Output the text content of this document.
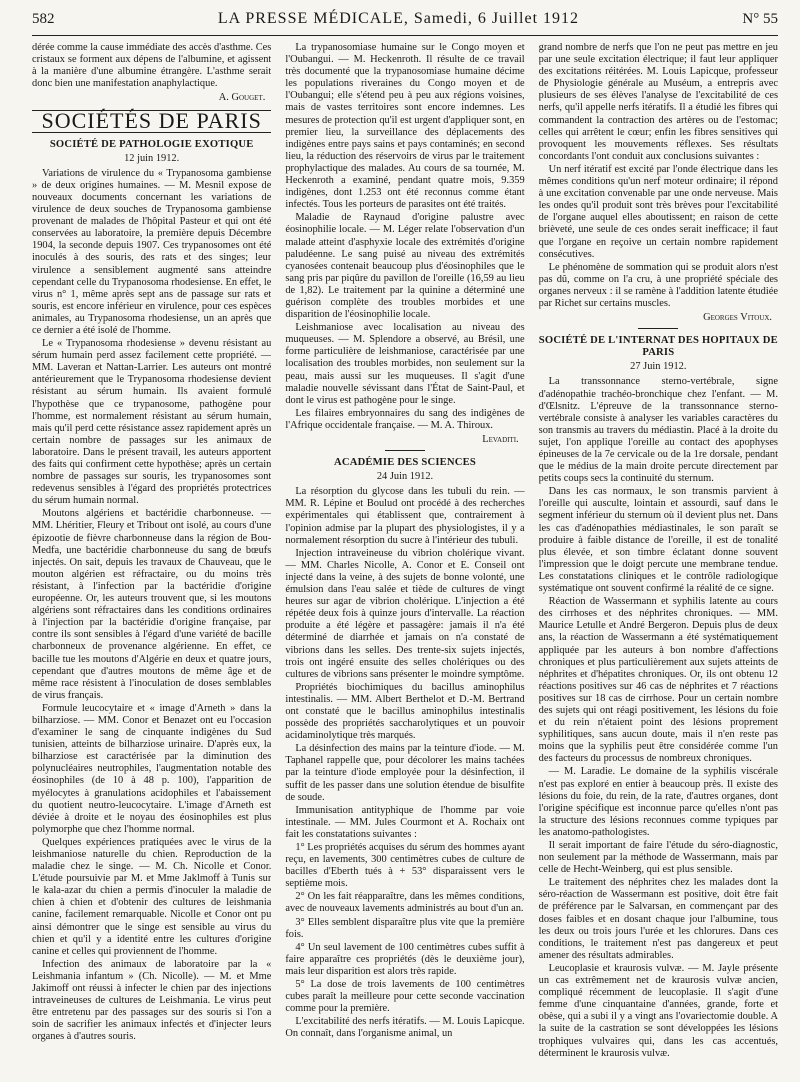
582	LA PRESSE MÉDICALE, Samedi, 6 Juillet 1912	N° 55

dérée comme la cause immédiate des accès d'asthme. Ces cristaux se forment aux dépens de l'albumine, et agissent à la manière d'une albumine étrangère. L'asthme serait donc bien une manifestation anaphylactique.

A. Gougет.
SOCIÉTÉS DE PARIS
SOCIÉTÉ DE PATHOLOGIE EXOTIQUE
12 juin 1912.

Variations de virulence du « Trypanosoma gambiense » de deux origines humaines. — M. Mesnil expose de nouveaux documents concernant les variations de virulence de deux souches de Trypanosoma gambiense provenant de malades de l'hôpital Pasteur et qui ont été conservées au laboratoire, la première depuis Décembre 1904, la seconde depuis 1907. Ces trypanosomes ont été inoculés à des souris, des rats et des singes; leur virulence a sensiblement augmenté sans atteindre cependant celle du Trypanosoma rhodesiense. En effet, le virus n° 1, même après sept ans de passage sur rats et souris, est encore inférieur en virulence, pour ces espèces animales, au Trypanosoma rhodesiense, un an après que ce dernier a été isolé de l'homme.

Le « Trypanosoma rhodesiense » devenu résistant au sérum humain perd assez facilement cette propriété. — MM. Laveran et Nattan-Larrier. Les auteurs ont montré antérieurement que le Trypanosoma rhodesiense devient résistant au sérum humain. Ils avaient formulé l'hypothèse que ce trypanosome, pathogène pour l'homme, est normalement résistant au sérum humain, mais qu'il perd cette résistance assez rapidement après un certain nombre de passages sur les animaux de laboratoire. Dans le présent travail, les auteurs apportent des faits qui confirment cette hypothèse; après un certain nombre de passages sur souris, les trypanosomes sont redevenus sensibles à l'égard des propriétés protectrices du sérum humain normal.

Moutons algériens et bactéridie charbonneuse. — MM. Lhéritier, Fleury et Tribout ont isolé, au cours d'une épizootie de fièvre charbonneuse dans la région de Bou-Medfa, une bactéridie charbonneuse du sang de bœufs injectés. On sait, depuis les travaux de Chauveau, que le mouton algérien est réfractaire, ou du moins très résistant, à l'infection par la bactéridie d'origine européenne. Or, les auteurs trouvent que, si les moutons algériens sont réfractaires dans les conditions ordinaires à l'injection par la bactéridie d'origine française, par contre ils sont sensibles à l'égard d'une variété de bacille charbonneux de provenance algérienne. En effet, ce bacille tue les moutons d'Algérie en deux et quatre jours, cependant que d'autres moutons de même âge et de même race résistent à l'inoculation de doses semblables de virus français.

Formule leucocytaire et « image d'Arneth » dans la bilharziose. — MM. Conor et Benazet ont eu l'occasion d'examiner le sang de cinquante indigènes du Sud tunisien, atteints de bilharziose urinaire. D'après eux, la bilharziose est caractérisée par la diminution des polynucléaires neutrophiles, l'augmentation notable des éosinophiles (de 10 à 48 p. 100), l'apparition de myélocytes à granulations acidophiles et l'abaissement du quotient neutro-leucocytaire. L'image d'Arneth est déviée à droite et le noyau des éosinophiles est plus polymorphe que chez l'homme normal.

Quelques expériences pratiquées avec le virus de la leishmaniose naturelle du chien. Reproduction de la maladie chez le singe. — M. Ch. Nicolle et Conor. L'étude poursuivie par M. et Mme Jaklmoff à Tunis sur le kala-azar du chien a permis d'inoculer la maladie de chien à chien et d'obtenir des cultures de leishmania canine, facilement remarquable. Nicolle et Conor ont pu ainsi démontrer que le singe est sensible au virus du chien et qu'il y a identité entre les cultures d'origine canine et celles qui proviennent de l'homme.

Infection des animaux de laboratoire par la « Leishmania infantum » (Ch. Nicolle). — M. et Mme Jakimoff ont réussi à infecter le chien par des injections intraveineuses de cultures de Leishmania. Le virus peut être entretenu par des passages sur des souris si l'on a soin de sacrifier les animaux infectés et d'injecter leurs organes à d'autres souris.

La trypanosomiase humaine sur le Congo moyen et l'Oubangui. — M. Heckenroth. Il résulte de ce travail très documenté que la trypanosomiase humaine décime les populations riveraines du Congo moyen et de l'Oubangui; elle s'étend peu à peu aux régions voisines, mais de vastes territoires sont encore indemnes. Les mesures de protection qu'il est urgent d'appliquer sont, en premier lieu, la surveillance des déplacements des indigènes entre pays sains et pays contaminés; en second lieu, la réduction des réservoirs de virus par le traitement prophylactique des malades. Au cours de sa tournée, M. Heckenroth a examiné, pendant quatre mois, 9.359 indigènes, dont 1.253 ont été reconnus comme étant infectés. Tous les porteurs de parasites ont été traités.

Maladie de Raynaud d'origine palustre avec éosinophilie locale. — M. Léger relate l'observation d'un malade atteint d'asphyxie locale des extrémités d'origine paludéenne. Le sang puisé au niveau des extrémités cyanosées contenait beaucoup plus d'éosinophiles que le sang pris par piqûre du pavillon de l'oreille (16,59 au lieu de 1,82). Le traitement par la quinine a déterminé une guérison complète des troubles morbides et une disparition de l'éosinophilie locale.

Leishmaniose avec localisation au niveau des muqueuses. — M. Splendore a observé, au Brésil, une forme particulière de leishmaniose, caractérisée par une localisation des troubles morbides, non seulement sur la peau, mais aussi sur les muqueuses. Il s'agit d'une maladie nouvelle sévissant dans l'État de Saint-Paul, et dont le virus est pathogène pour le singe.

Les filaires embryonnaires du sang des indigènes de l'Afrique occidentale française. — M. A. Thiroux.

Levaditi.
ACADÉMIE DES SCIENCES
24 Juin 1912.

La résorption du glycose dans les tubuli du rein. — MM. R. Lépine et Boulud ont procédé à des recherches expérimentales qui établissent que, contrairement à l'opinion admise par la plupart des physiologistes, il y a normalement résorption du sucre à l'intérieur des tubuli.

Injection intraveineuse du vibrion cholérique vivant. — MM. Charles Nicolle, A. Conor et E. Conseil ont injecté dans la veine, à des sujets de bonne volonté, une émulsion dans l'eau salée et tiède de cultures de vingt heures sur agar de vibrion cholérique. L'injection a été répétée deux fois à quinze jours d'intervalle. La réaction produite a été légère et passagère: jamais il n'a été déterminé de diarrhée et jamais on n'a constaté de vibrions dans les selles. Des trente-six sujets injectés, trois ont ingéré ensuite des selles cholériques ou des cultures de vibrions sans présenter le moindre symptôme.

Propriétés biochimiques du bacillus aminophilus intestinalis. — MM. Albert Berthelot et D.-M. Bertrand ont constaté que le bacillus aminophilus intestinalis possède des propriétés saccharolytiques et un pouvoir acidaminolytique très marqués.

La désinfection des mains par la teinture d'iode. — M. Taphanel rappelle que, pour décolorer les mains tachées par la teinture d'iode employée pour la désinfection, il suffit de les passer dans une solution étendue de bisulfite de soude.

Immunisation antityphique de l'homme par voie intestinale. — MM. Jules Courmont et A. Rochaix ont fait les constatations suivantes :

1° Les propriétés acquises du sérum des hommes ayant reçu, en lavements, 300 centimètres cubes de culture de bacilles d'Eberth tués à + 53° disparaissent vers le septième mois.

2° On les fait réapparaître, dans les mêmes conditions, avec de nouveaux lavements administrés au bout d'un an.

3° Elles semblent disparaître plus vite que la première fois.

4° Un seul lavement de 100 centimètres cubes suffit à faire apparaître ces propriétés (dès le deuxième jour), mais leur disparition est alors très rapide.

5° La dose de trois lavements de 100 centimètres cubes paraît la meilleure pour cette seconde vaccination comme pour la première.

L'excitabilité des nerfs itératifs. — M. Louis Lapicque. On connaît, dans l'organisme animal, un

grand nombre de nerfs que l'on ne peut pas mettre en jeu par une seule excitation électrique; il faut leur appliquer des excitations réitérées. M. Louis Lapicque, professeur de Physiologie générale au Muséum, a entrepris avec plusieurs de ses élèves l'analyse de l'excitabilité de ces nerfs, qu'il appelle nerfs itératifs. Il a étudié les fibres qui commandent la contraction des artères ou de l'estomac; celles qui arrêtent le cœur; enfin les fibres sensitives qui provoquent les mouvements réflexes. Ses résultats concordants l'ont conduit aux conclusions suivantes :

Un nerf itératif est excité par l'onde électrique dans les mêmes conditions qu'un nerf moteur ordinaire; il répond à une excitation convenable par une onde nerveuse. Mais les ondes qu'il produit sont très brèves pour l'excitabilité de l'organe auquel elles aboutissent; en raison de cette brièveté, une seule de ces ondes serait inefficace; il faut que l'organe en reçoive un certain nombre rapidement consécutives.

Le phénomène de sommation qui se produit alors n'est pas dû, comme on l'a cru, à une propriété spéciale des organes nerveux : il se ramène à l'addition latente étudiée par Richet sur certains muscles.

Georges Vitoux.
SOCIÉTÉ DE L'INTERNAT DES HOPITAUX DE PARIS
27 Juin 1912.

La transsonnance sterno-vertébrale, signe d'adénopathie trachéo-bronchique chez l'enfant. — M. d'Œlsnitz. L'épreuve de la transsonnance sterno-vertébrale consiste à analyser les variables caractères du son transmis au travers du médiastin. Placé à la droite du sujet, l'on applique l'oreille au contact des apophyses épineuses de la 7e cervicale ou de la 1re dorsale, pendant que le médius de la main droite percute directement par petits coups secs la continuité du sternum.

Dans les cas normaux, le son transmis parvient à l'oreille qui ausculte, lointain et assourdi, sauf dans le segment inférieur du sternum où il devient plus net. Dans les cas d'adénopathies médiastinales, le son paraît se produire à faible distance de l'oreille, il est de tonalité plus élevée, et son timbre éclatant donne souvent l'impression que le doigt percute une membrane tendue. Les constatations cliniques et le contrôle radiologique systématique ont souvent confirmé la réalité de ce signe.

Réaction de Wassermann et syphilis latente au cours des cirrhoses et des néphrites chroniques. — MM. Maurice Letulle et André Bergeron. Depuis plus de deux ans, la réaction de Wassermann a été systématiquement appliquée par les auteurs à bon nombre d'affections chroniques et plus particulièrement aux sujets atteints de néphrites et d'hépatites chroniques. Or, ils ont obtenu 12 réactions positives sur 46 cas de néphrites et 7 réactions positives sur 18 cas de cirrhose. Pour un certain nombre des sujets qui ont réagi positivement, les lésions du foie et du rein n'étaient point des lésions proprement syphilitiques, sans aucun doute, mais il n'en reste pas moins que la syphilis peut être considérée comme l'un des facteurs du processus de nombreux chroniques.

— M. Laradie. Le domaine de la syphilis viscérale n'est pas exploré en entier à beaucoup près. Il existe des lésions du foie, du rein, de la rate, d'autres organes, dont l'origine spécifique est inconnue parce qu'elles n'ont pas la structure des lésions reconnues comme typiques par les anatomo-pathologistes.

Il serait important de faire l'étude du séro-diagnostic, non seulement par la méthode de Wassermann, mais par celle de Hecht-Weinberg, qui est plus sensible.

Le traitement des néphrites chez les malades dont la séro-réaction de Wassermann est positive, doit être fait de préférence par le Salvarsan, en commençant par des doses faibles et en dosant chaque jour l'albumine, tous les deux ou trois jours l'urée et les chlorures. Dans ces conditions, le traitement n'est pas dangereux et peut amener des résultats admirables.

Leucoplasie et kraurosis vulvæ. — M. Jayle présente un cas extrêmement net de kraurosis vulvæ ancien, compliqué récemment de leucoplasie. Il s'agit d'une femme d'une cinquantaine d'années, grande, forte et obèse, qui a subi il y a vingt ans l'ovariectomie double. A la suite de la castration se sont développées les lésions trophiques vulvaires qui, dans les cas accentués, déterminent le kraurosis vulvæ.
